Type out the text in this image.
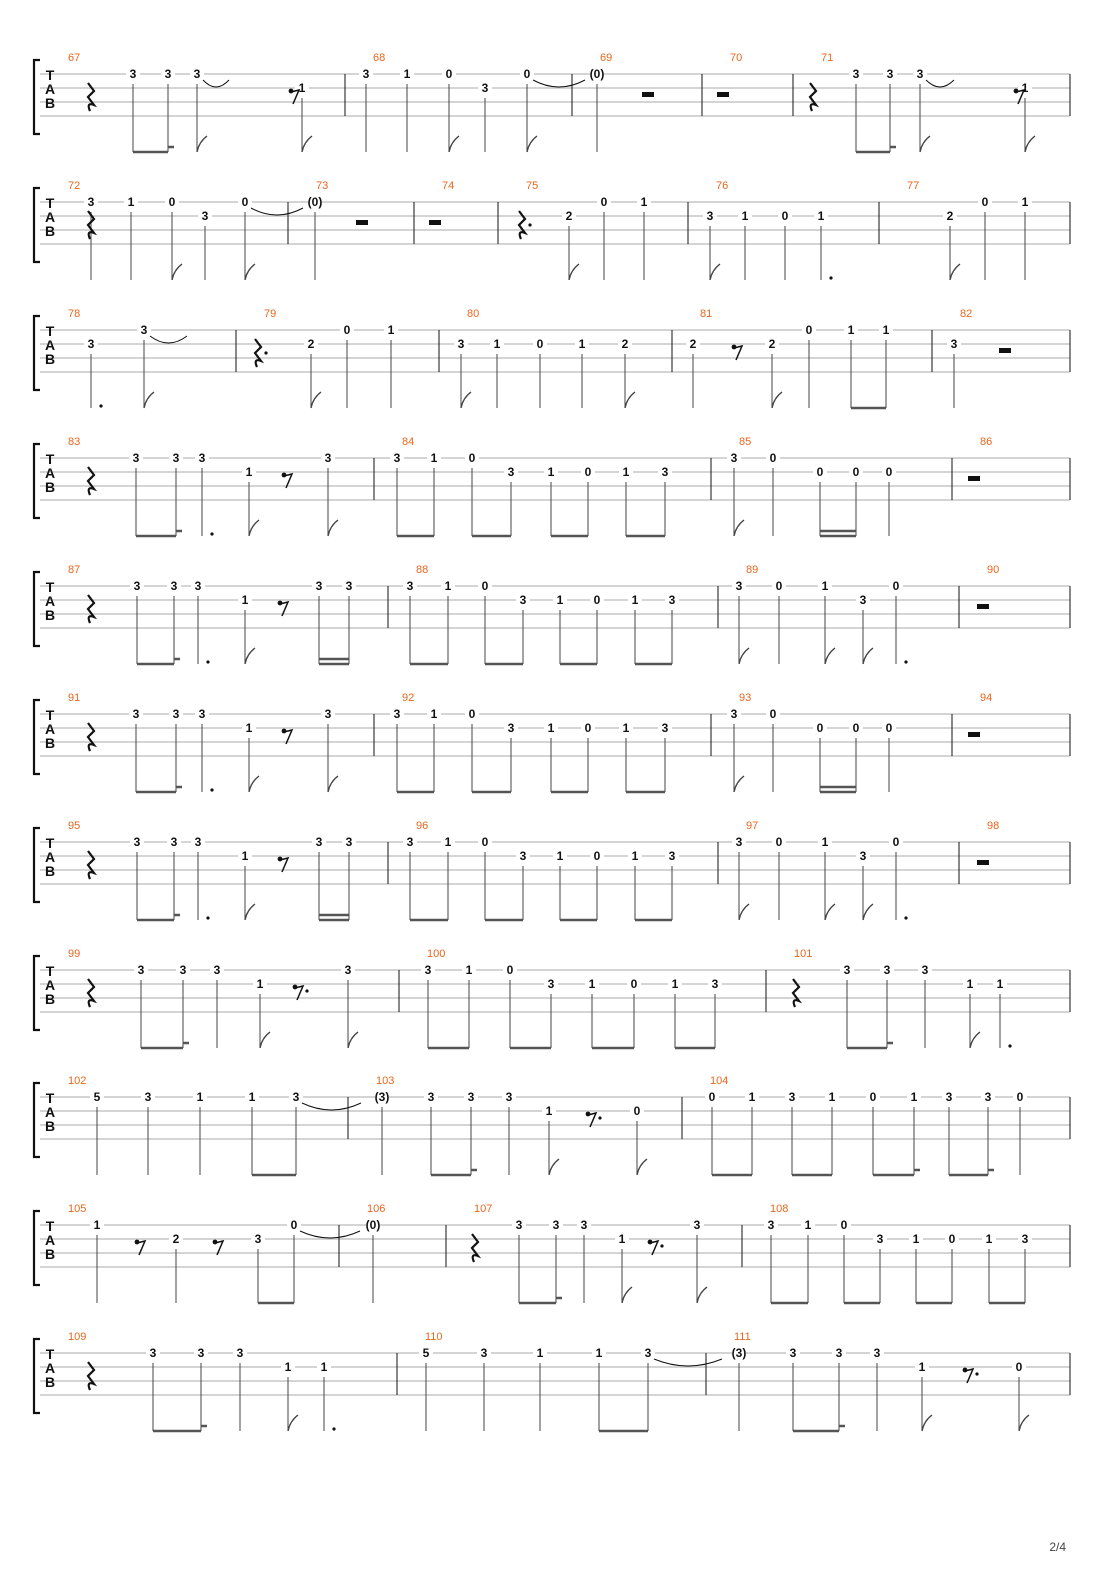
T
A
B
67
3 3 3
1
68
3	1	0
3
0
69
(0)
70	71
3 3 3
1
T
A
B
72
3	1	0
3
0
73
(0)
74	75
2
0	1
76
3 1	0 1
77
2
0	1
T
A
B
78
3
3
79
2
0	1
80
3 1	0	1	2
81
2	2
0	1 1
82
3
T
A
B
83
3	3 3
1
3
84
3	1	0
3	1	0	1	3
85
3	0
0 0 0
86
T
A
B
87
3	3 3
1
3 3
88
3	1	0
3	1	0	1	3
89
3	0	1
3
0
90
T
A
B
91
3	3 3
1
3
92
3	1	0
3	1	0	1	3
93
3	0
0 0 0
94
T
A
B
95
3	3 3
1
3 3
96
3	1	0
3	1	0	1	3
97
3	0	1
3
0
98
T
A
B
99
3	3 3
1
3
100
3	1	0
3	1	0	1	3
101
3	3	3
1 1
T
A
B
102
5	3	1	1	3
103
(3)	3	3	3
1	0
104
0	1	3	1	0	1 3	3 0
T
A
B
105
1
2	3
0
106
(0)
107
3	3 3
1
3
108
3	1 0
3 1 0	1 3
T
A
B
109
3	3	3
1 1
110
5	3	1	1	3
111
(3)	3	3	3
1	0
2/4
